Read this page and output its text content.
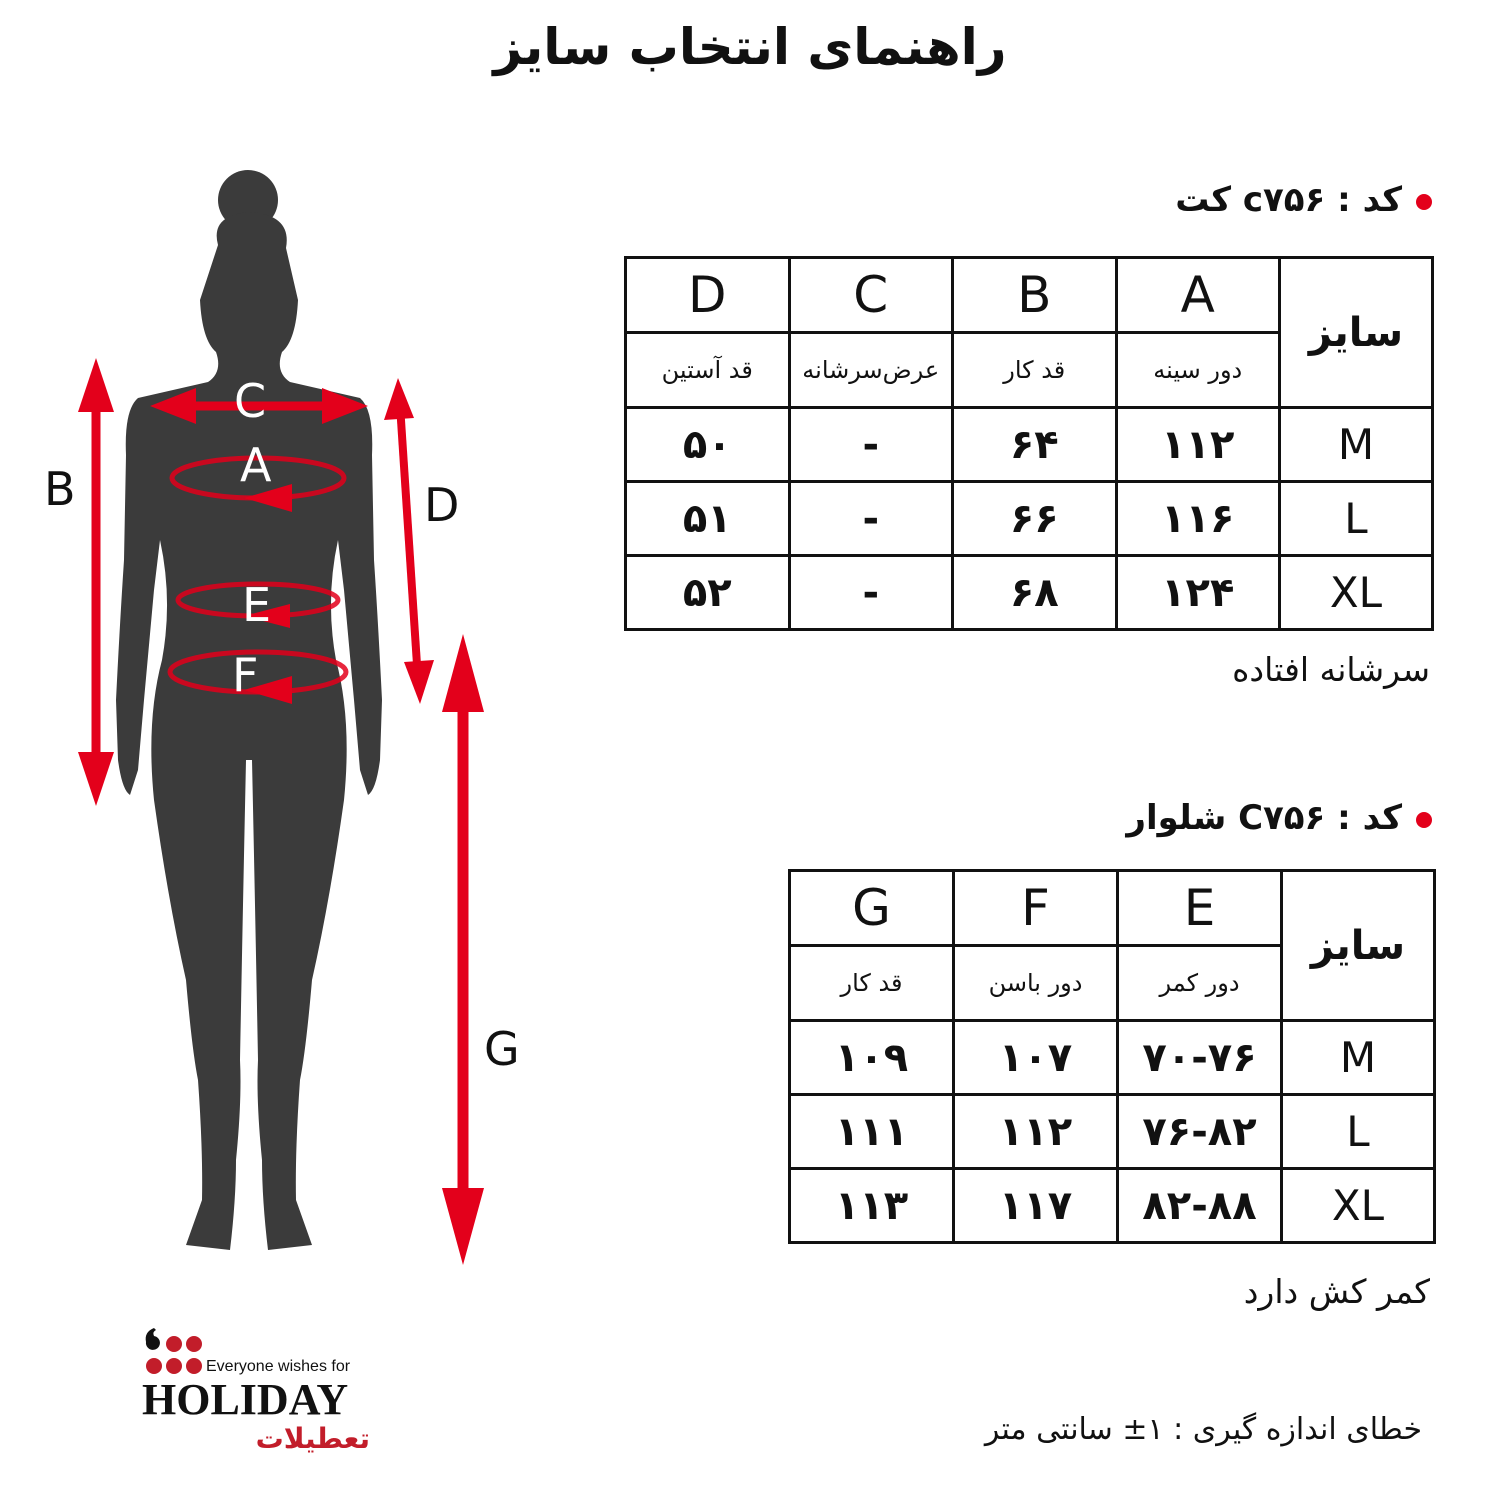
راهنمای انتخاب سایز
B
C
A
D
E
F
G
کد : c۷۵۶ کت
سایز	A	B	C	D
	دور سینه	قد کار	عرض‌سرشانه	قد آستین
M	۱۱۲	۶۴	-	۵۰
L	۱۱۶	۶۶	-	۵۱
XL	۱۲۴	۶۸	-	۵۲
سرشانه افتاده
کد : C۷۵۶ شلوار
سایز	E	F	G
	دور کمر	دور باسن	قد کار
M	۷۰-۷۶	۱۰۷	۱۰۹
L	۷۶-۸۲	۱۱۲	۱۱۱
XL	۸۲-۸۸	۱۱۷	۱۱۳
کمر کش دارد
خطای اندازه گیری : ۱± سانتی متر
Everyone wishes for
HOLIDAY
تعطیلات
